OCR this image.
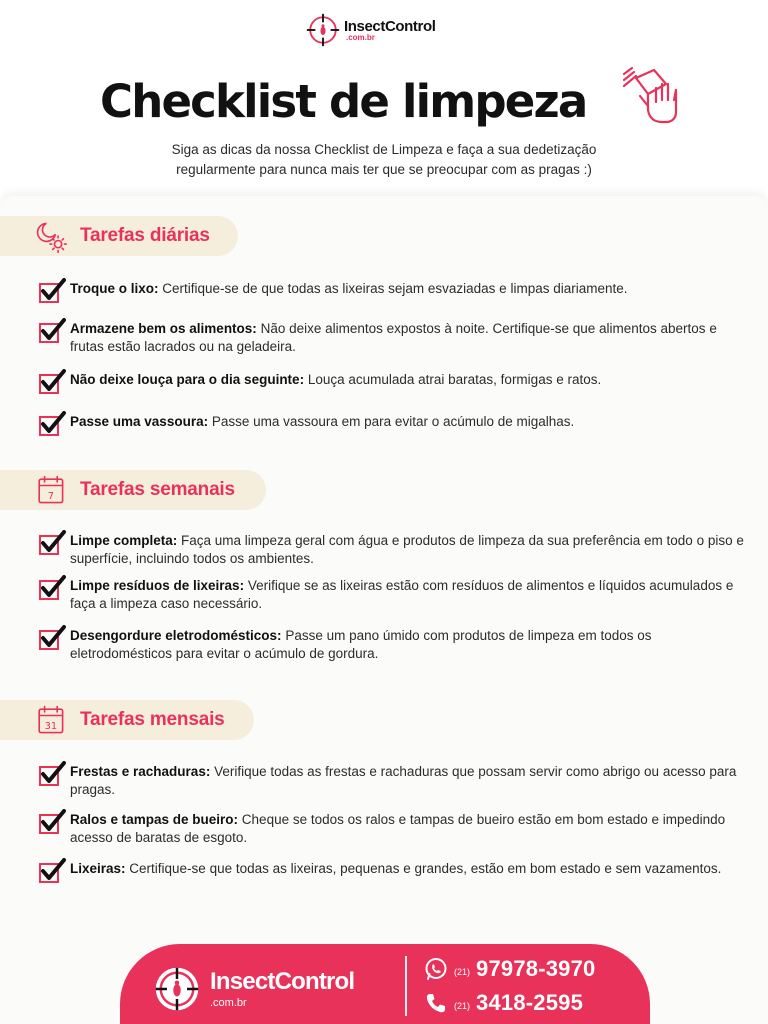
InsectControl
.com.br
Checklist de limpeza

Siga as dicas da nossa Checklist de Limpeza e faça a sua dedetização
regularmente para nunca mais ter que se preocupar com as pragas :)

Tarefas diárias
Troque o lixo: Certifique-se de que todas as lixeiras sejam esvaziadas e limpas diariamente.
Armazene bem os alimentos: Não deixe alimentos expostos à noite. Certifique-se que alimentos abertos e frutas estão lacrados ou na geladeira.
Não deixe louça para o dia seguinte: Louça acumulada atrai baratas, formigas e ratos.
Passe uma vassoura: Passe uma vassoura em para evitar o acúmulo de migalhas.
7 Tarefas semanais
Limpe completa: Faça uma limpeza geral com água e produtos de limpeza da sua preferência em todo o piso e superfície, incluindo todos os ambientes.
Limpe resíduos de lixeiras: Verifique se as lixeiras estão com resíduos de alimentos e líquidos acumulados e faça a limpeza caso necessário.
Desengordure eletrodomésticos: Passe um pano úmido com produtos de limpeza em todos os eletrodomésticos para evitar o acúmulo de gordura.
31 Tarefas mensais
Frestas e rachaduras: Verifique todas as frestas e rachaduras que possam servir como abrigo ou acesso para pragas.
Ralos e tampas de bueiro: Cheque se todos os ralos e tampas de bueiro estão em bom estado e impedindo acesso de baratas de esgoto.
Lixeiras: Certifique-se que todas as lixeiras, pequenas e grandes, estão em bom estado e sem vazamentos.
InsectControl
.com.br
(21) 97978-3970
(21) 3418-2595
